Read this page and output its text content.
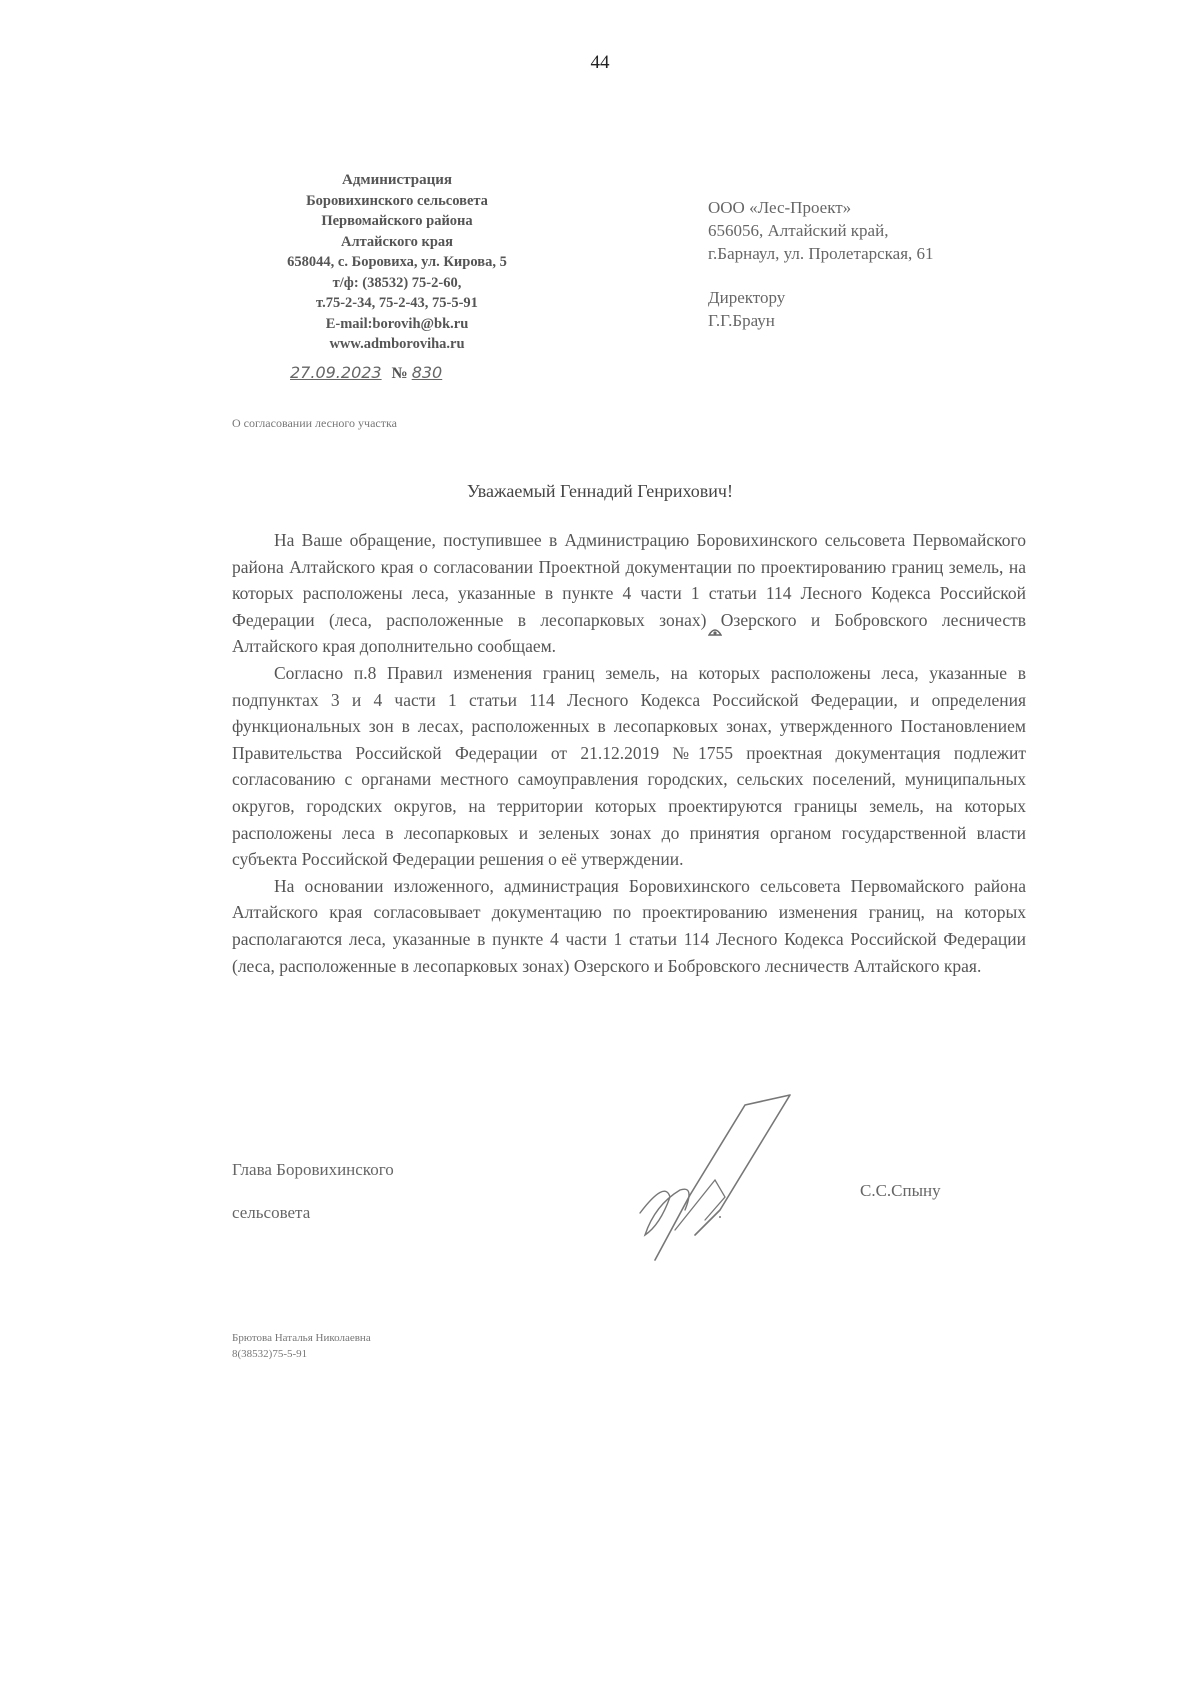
44
Администрация
Боровихинского сельсовета
Первомайского района
Алтайского края
658044, с. Боровиха, ул. Кирова, 5
т/ф: (38532) 75-2-60,
т.75-2-34, 75-2-43, 75-5-91
E-mail:borovih@bk.ru
www.admboroviha.ru
27.09.2023 № 830
ООО «Лес-Проект»
656056, Алтайский край,
г.Барнаул, ул. Пролетарская, 61
Директору
Г.Г.Браун
О согласовании лесного участка
Уважаемый Геннадий Генрихович!

На Ваше обращение, поступившее в Администрацию Боровихинского сельсовета Первомайского района Алтайского края о согласовании Проектной документации по проектированию границ земель, на которых расположены леса, указанные в пункте 4 части 1 статьи 114 Лесного Кодекса Российской Федерации (леса, расположенные в лесопарковых зонах) Озерского и Бобровского лесничеств Алтайского края дополнительно сообщаем.

Согласно п.8 Правил изменения границ земель, на которых расположены леса, указанные в подпунктах 3 и 4 части 1 статьи 114 Лесного Кодекса Российской Федерации, и определения функциональных зон в лесах, расположенных в лесопарковых зонах, утвержденного Постановлением Правительства Российской Федерации от 21.12.2019 №1755 проектная документация подлежит согласованию с органами местного самоуправления городских, сельских поселений, муниципальных округов, городских округов, на территории которых проектируются границы земель, на которых расположены леса в лесопарковых и зеленых зонах до принятия органом государственной власти субъекта Российской Федерации решения о её утверждении.

На основании изложенного, администрация Боровихинского сельсовета Первомайского района Алтайского края согласовывает документацию по проектированию изменения границ, на которых располагаются леса, указанные в пункте 4 части 1 статьи 114 Лесного Кодекса Российской Федерации (леса, расположенные в лесопарковых зонах) Озерского и Бобровского лесничеств Алтайского края.

Глава Боровихинского
сельсовета
С.С.Спыну
Брютова Наталья Николаевна
8(38532)75-5-91
